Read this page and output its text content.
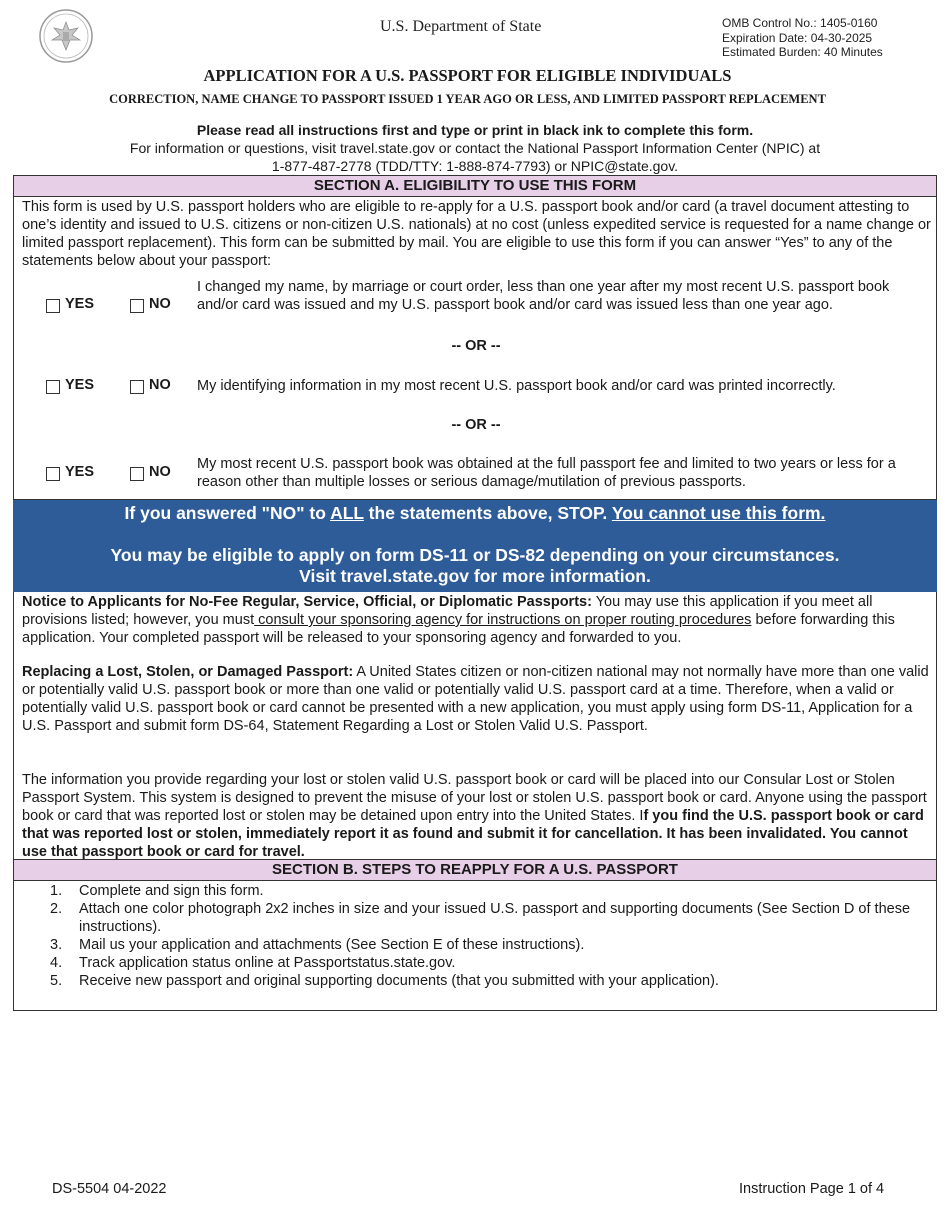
U.S. Department of State	OMB Control No.: 1405-0160
Expiration Date: 04-30-2025
Estimated Burden: 40 Minutes
APPLICATION FOR A U.S. PASSPORT FOR ELIGIBLE INDIVIDUALS
CORRECTION, NAME CHANGE TO PASSPORT ISSUED 1 YEAR AGO OR LESS, AND LIMITED PASSPORT REPLACEMENT
Please read all instructions first and type or print in black ink to complete this form.
For information or questions, visit travel.state.gov or contact the National Passport Information Center (NPIC) at
1-877-487-2778 (TDD/TTY: 1-888-874-7793) or NPIC@state.gov.
SECTION A. ELIGIBILITY TO USE THIS FORM
This form is used by U.S. passport holders who are eligible to re-apply for a U.S. passport book and/or card (a travel document attesting to one’s identity and issued to U.S. citizens or non-citizen U.S. nationals) at no cost (unless expedited service is requested for a name change or limited passport replacement). This form can be submitted by mail. You are eligible to use this form if you can answer “Yes” to any of the statements below about your passport:
YES	NO
I changed my name, by marriage or court order, less than one year after my most recent U.S. passport book and/or card was issued and my U.S. passport book and/or card was issued less than one year ago.
-- OR --
YES	NO My identifying information in my most recent U.S. passport book and/or card was printed incorrectly.
-- OR --
YES	NO My most recent U.S. passport book was obtained at the full passport fee and limited to two years or less for a reason other than multiple losses or serious damage/mutilation of previous passports.
If you answered "NO" to ALL the statements above, STOP. You cannot use this form.
You may be eligible to apply on form DS-11 or DS-82 depending on your circumstances.
Visit travel.state.gov for more information.
Notice to Applicants for No-Fee Regular, Service, Official, or Diplomatic Passports: You may use this application if you meet all provisions listed; however, you must consult your sponsoring agency for instructions on proper routing procedures before forwarding this application. Your completed passport will be released to your sponsoring agency and forwarded to you.
Replacing a Lost, Stolen, or Damaged Passport: A United States citizen or non-citizen national may not normally have more than one valid or potentially valid U.S. passport book or more than one valid or potentially valid U.S. passport card at a time. Therefore, when a valid or potentially valid U.S. passport book or card cannot be presented with a new application, you must apply using form DS-11, Application for a U.S. Passport and submit form DS-64, Statement Regarding a Lost or Stolen Valid U.S. Passport.
The information you provide regarding your lost or stolen valid U.S. passport book or card will be placed into our Consular Lost or Stolen Passport System. This system is designed to prevent the misuse of your lost or stolen U.S. passport book or card. Anyone using the passport book or card that was reported lost or stolen may be detained upon entry into the United States. If you find the U.S. passport book or card that was reported lost or stolen, immediately report it as found and submit it for cancellation. It has been invalidated. You cannot use that passport book or card for travel.
SECTION B. STEPS TO REAPPLY FOR A U.S. PASSPORT
1. Complete and sign this form.
2. Attach one color photograph 2x2 inches in size and your issued U.S. passport and supporting documents (See Section D of these instructions).
3. Mail us your application and attachments (See Section E of these instructions).
4. Track application status online at Passportstatus.state.gov.
5. Receive new passport and original supporting documents (that you submitted with your application).
DS-5504 04-2022	Instruction Page 1 of 4
